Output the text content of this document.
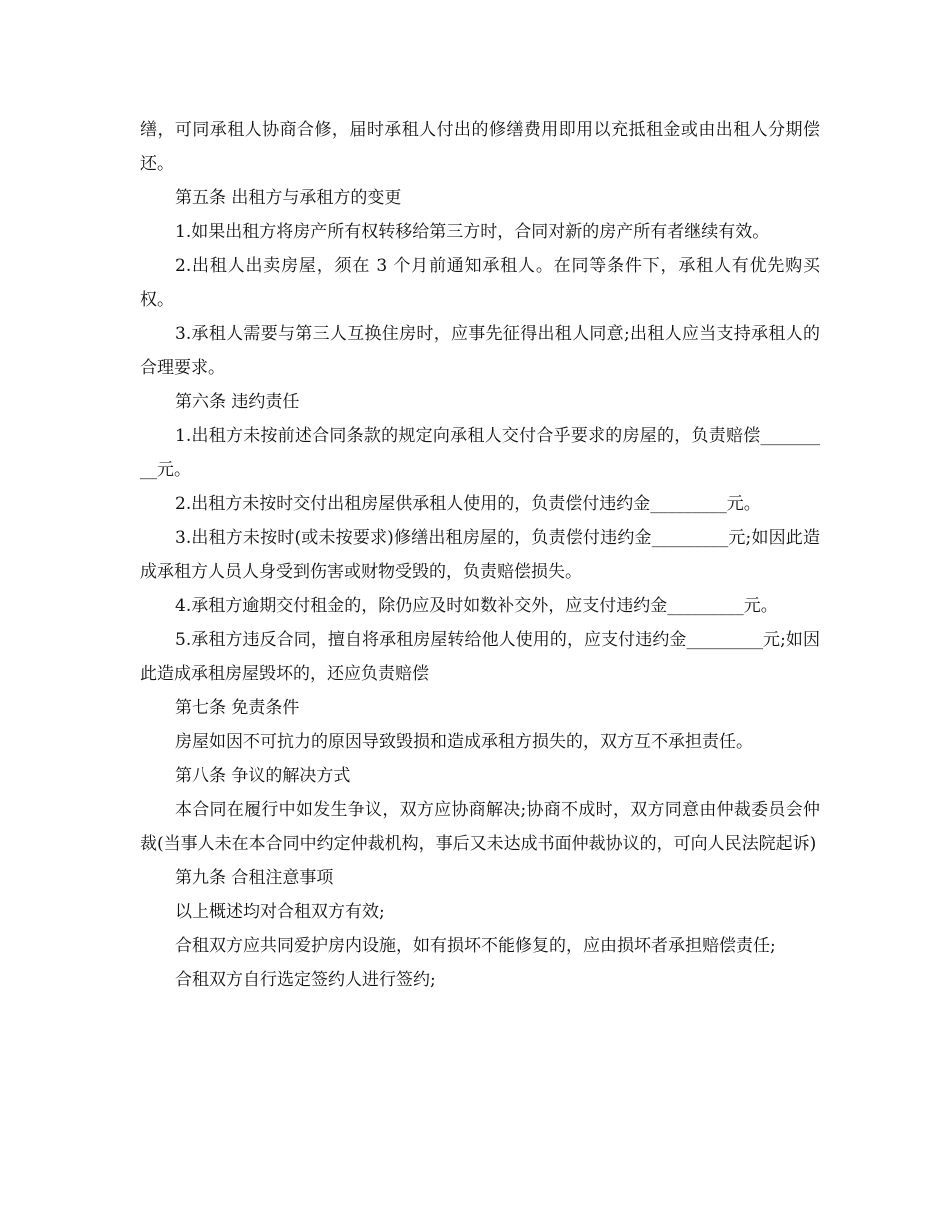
缮，可同承租人协商合修，届时承租人付出的修缮费用即用以充抵租金或由出租人分期偿还。

第五条 出租方与承租方的变更

1.如果出租方将房产所有权转移给第三方时，合同对新的房产所有者继续有效。

2.出租人出卖房屋，须在 3 个月前通知承租人。在同等条件下，承租人有优先购买权。

3.承租人需要与第三人互换住房时，应事先征得出租人同意;出租人应当支持承租人的合理要求。

第六条 违约责任

1.出租方未按前述合同条款的规定向承租人交付合乎要求的房屋的，负责赔偿_________元。

2.出租方未按时交付出租房屋供承租人使用的，负责偿付违约金_________元。

3.出租方未按时(或未按要求)修缮出租房屋的，负责偿付违约金_________元;如因此造成承租方人员人身受到伤害或财物受毁的，负责赔偿损失。

4.承租方逾期交付租金的，除仍应及时如数补交外，应支付违约金_________元。

5.承租方违反合同，擅自将承租房屋转给他人使用的，应支付违约金_________元;如因此造成承租房屋毁坏的，还应负责赔偿

第七条 免责条件

房屋如因不可抗力的原因导致毁损和造成承租方损失的，双方互不承担责任。

第八条 争议的解决方式

本合同在履行中如发生争议，双方应协商解决;协商不成时，双方同意由仲裁委员会仲裁(当事人未在本合同中约定仲裁机构，事后又未达成书面仲裁协议的，可向人民法院起诉)

第九条 合租注意事项

以上概述均对合租双方有效;

合租双方应共同爱护房内设施，如有损坏不能修复的，应由损坏者承担赔偿责任;

合租双方自行选定签约人进行签约;
